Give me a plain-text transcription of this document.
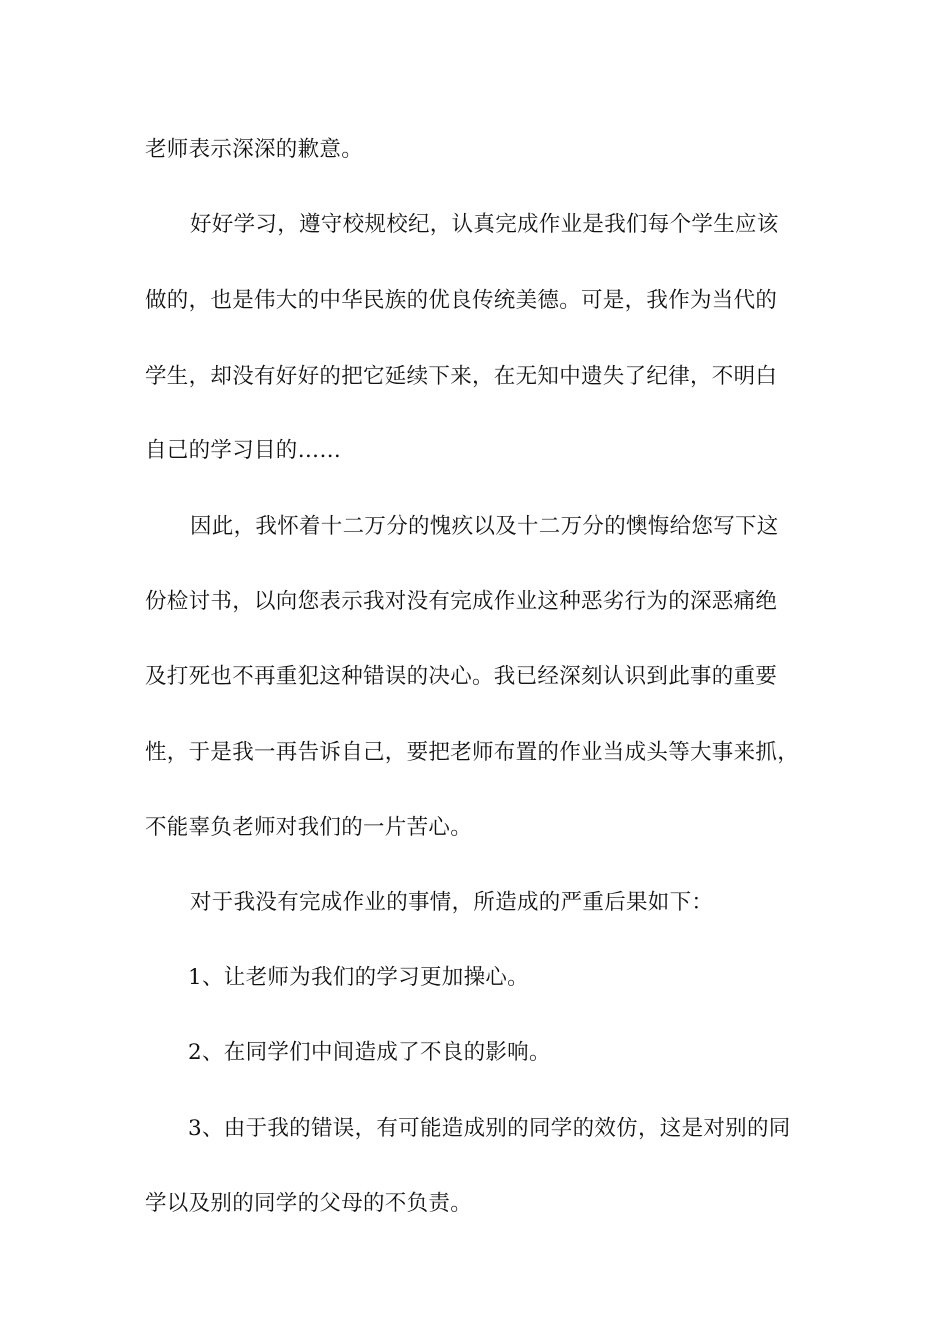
老师表示深深的歉意。
好好学习，遵守校规校纪，认真完成作业是我们每个学生应该
做的，也是伟大的中华民族的优良传统美德。可是，我作为当代的
学生，却没有好好的把它延续下来，在无知中遗失了纪律，不明白
自己的学习目的……
因此，我怀着十二万分的愧疚以及十二万分的懊悔给您写下这
份检讨书，以向您表示我对没有完成作业这种恶劣行为的深恶痛绝
及打死也不再重犯这种错误的决心。我已经深刻认识到此事的重要
性，于是我一再告诉自己，要把老师布置的作业当成头等大事来抓，
不能辜负老师对我们的一片苦心。
对于我没有完成作业的事情，所造成的严重后果如下：
1、让老师为我们的学习更加操心。
2、在同学们中间造成了不良的影响。
3、由于我的错误，有可能造成别的同学的效仿，这是对别的同
学以及别的同学的父母的不负责。
